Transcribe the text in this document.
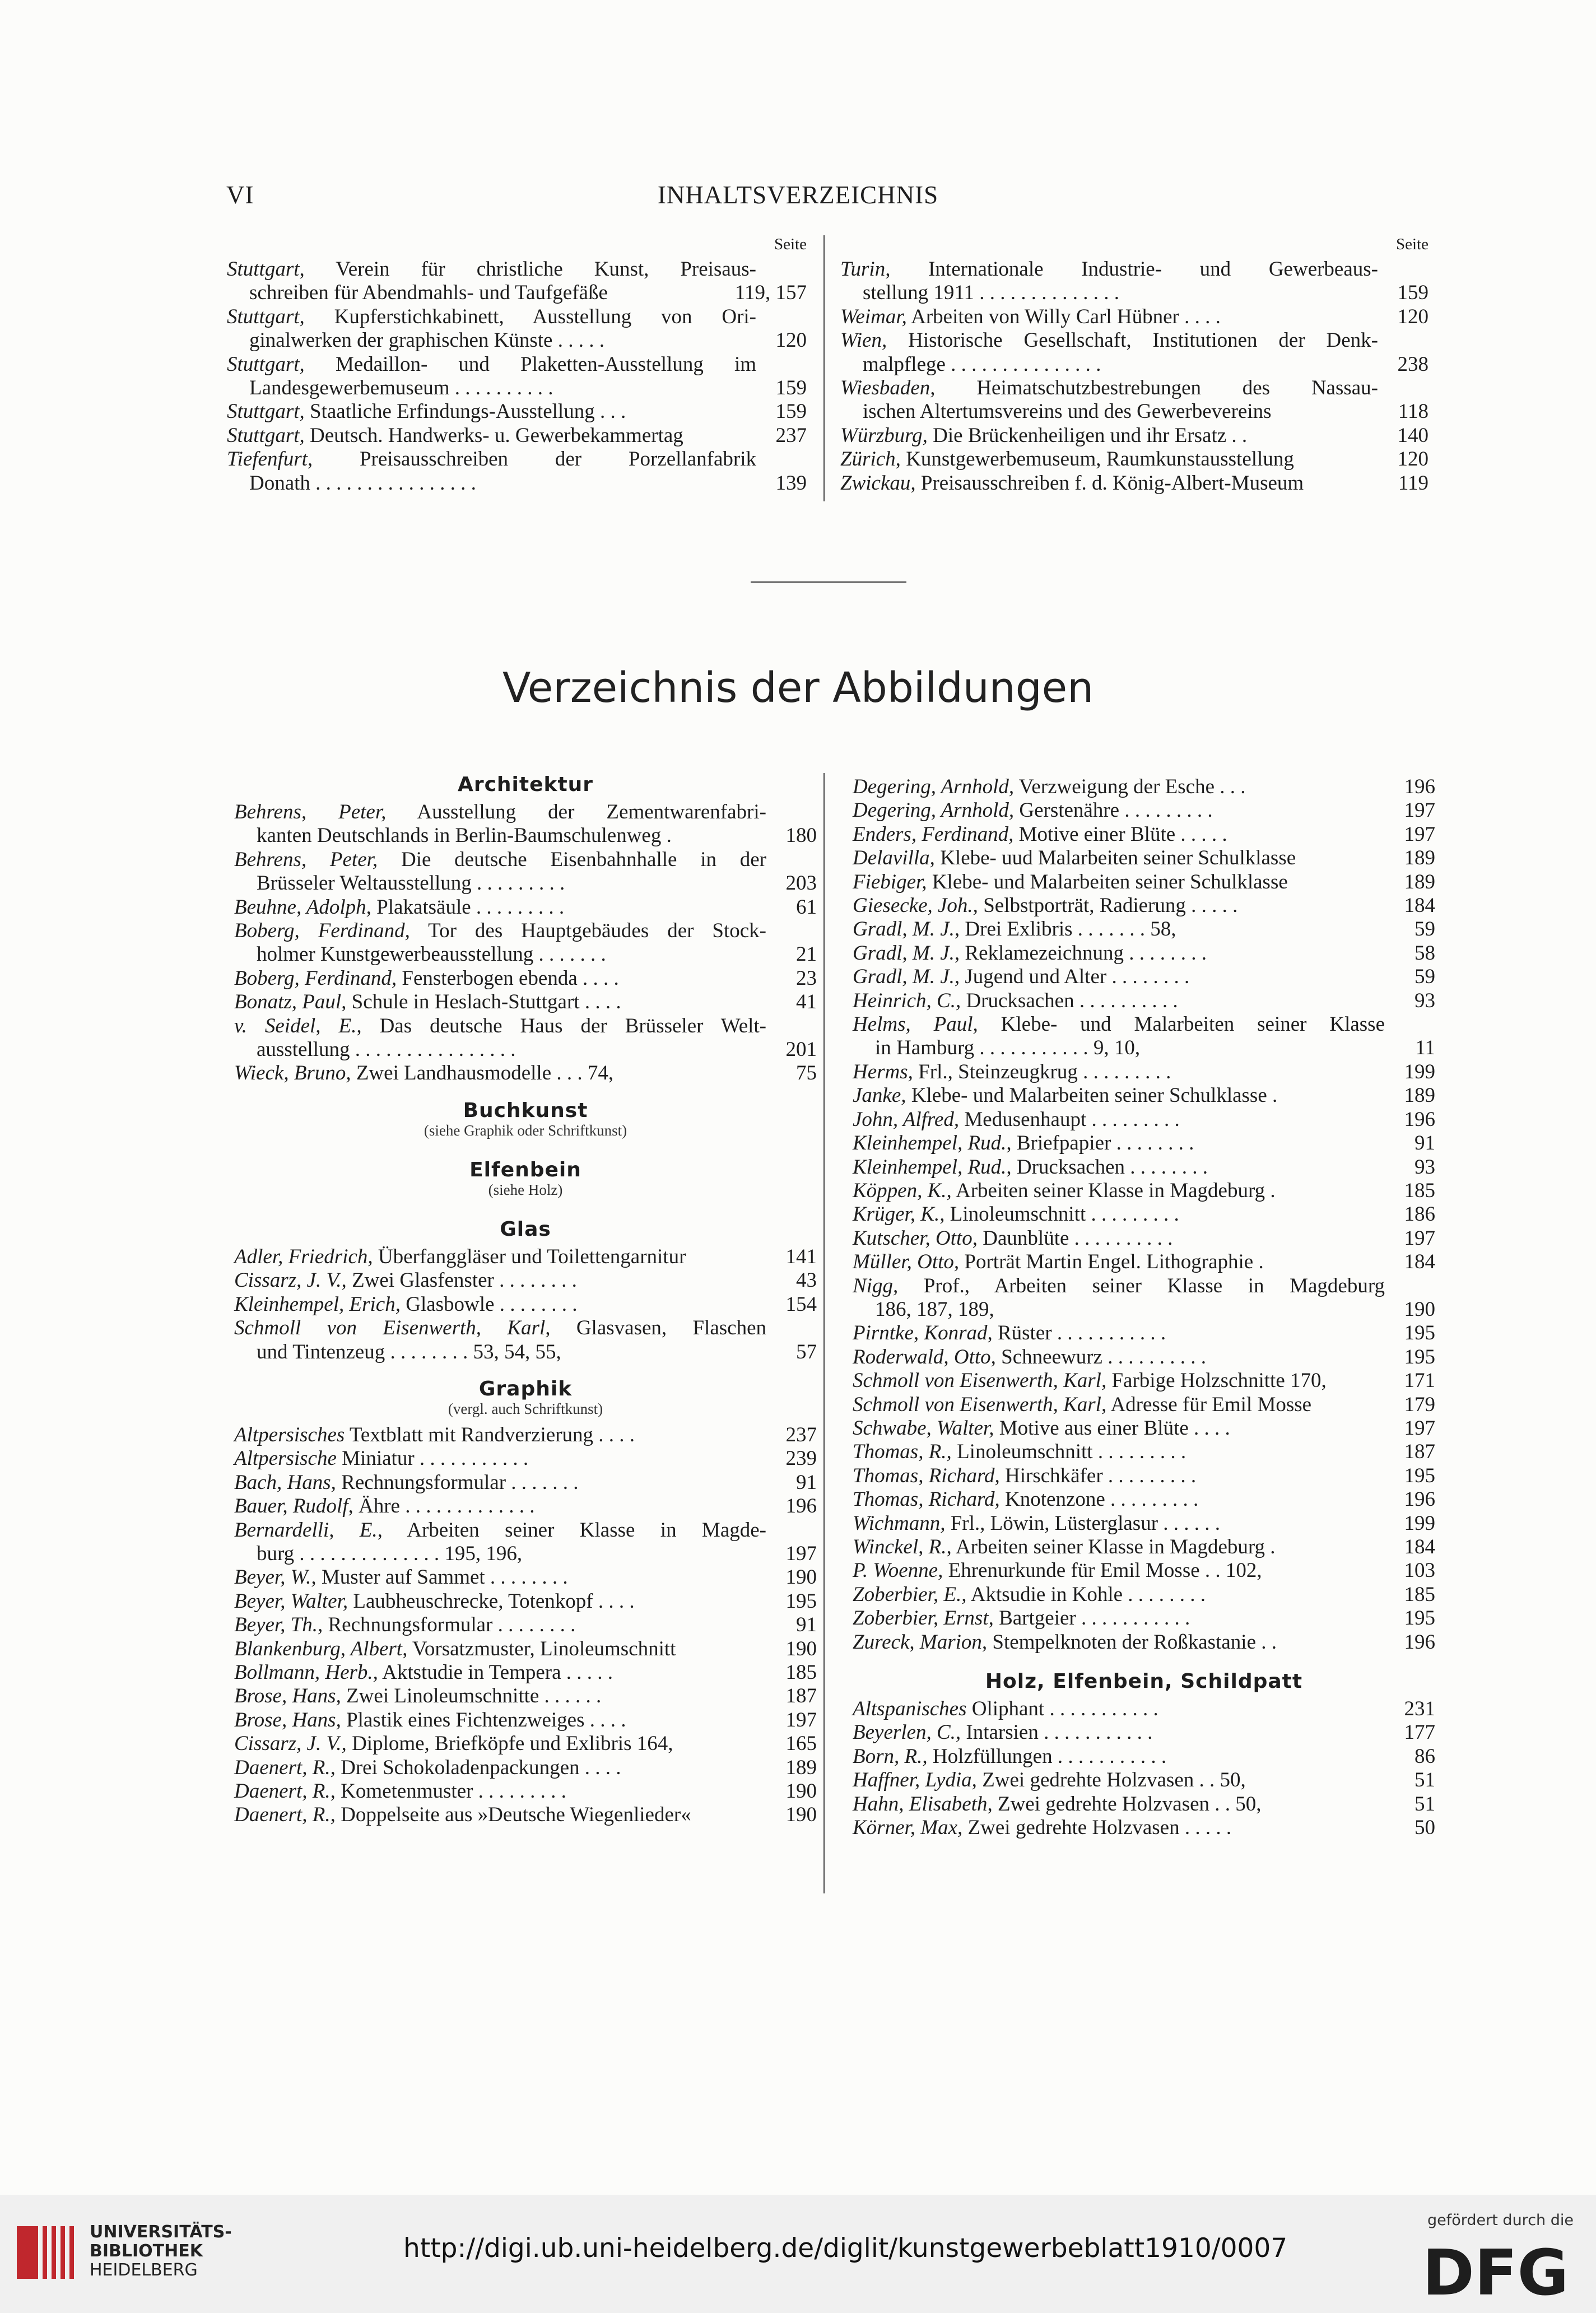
VI	INHALTSVERZEICHNIS
Seite
Stuttgart, Verein für christliche Kunst, Preisaus-
schreiben für Abendmahls- und Taufgefäße	119, 157
Stuttgart, Kupferstichkabinett, Ausstellung von Ori-
ginalwerken der graphischen Künste . . . . .	120
Stuttgart, Medaillon- und Plaketten-Ausstellung im
Landesgewerbemuseum . . . . . . . . . .	159
Stuttgart, Staatliche Erfindungs-Ausstellung . . .	159
Stuttgart, Deutsch. Handwerks- u. Gewerbekammertag	237
Tiefenfurt, Preisausschreiben der Porzellanfabrik
Donath . . . . . . . . . . . . . . . .	139
Seite
Turin, Internationale Industrie- und Gewerbeaus-
stellung 1911 . . . . . . . . . . . . . .	159
Weimar, Arbeiten von Willy Carl Hübner . . . .	120
Wien, Historische Gesellschaft, Institutionen der Denk-
malpflege . . . . . . . . . . . . . . .	238
Wiesbaden, Heimatschutzbestrebungen des Nassau-
ischen Altertumsvereins und des Gewerbevereins	118
Würzburg, Die Brückenheiligen und ihr Ersatz . .	140
Zürich, Kunstgewerbemuseum, Raumkunstausstellung	120
Zwickau, Preisausschreiben f. d. König-Albert-Museum	119
Verzeichnis der Abbildungen
Architektur
Behrens, Peter, Ausstellung der Zementwarenfabri-
kanten Deutschlands in Berlin-Baumschulenweg .	180
Behrens, Peter, Die deutsche Eisenbahnhalle in der
Brüsseler Weltausstellung . . . . . . . . .	203
Beuhne, Adolph, Plakatsäule . . . . . . . . .	61
Boberg, Ferdinand, Tor des Hauptgebäudes der Stock-
holmer Kunstgewerbeausstellung . . . . . . .	21
Boberg, Ferdinand, Fensterbogen ebenda . . . .	23
Bonatz, Paul, Schule in Heslach-Stuttgart . . . .	41
v. Seidel, E., Das deutsche Haus der Brüsseler Welt-
ausstellung . . . . . . . . . . . . . . . .	201
Wieck, Bruno, Zwei Landhausmodelle . . . 74,	75
Buchkunst
(siehe Graphik oder Schriftkunst)
Elfenbein
(siehe Holz)
Glas
Adler, Friedrich, Überfanggläser und Toilettengarnitur	141
Cissarz, J. V., Zwei Glasfenster . . . . . . . .	43
Kleinhempel, Erich, Glasbowle . . . . . . . .	154
Schmoll von Eisenwerth, Karl, Glasvasen, Flaschen
und Tintenzeug . . . . . . . . 53, 54, 55,	57
Graphik
(vergl. auch Schriftkunst)
Altpersisches Textblatt mit Randverzierung . . . .	237
Altpersische Miniatur . . . . . . . . . . .	239
Bach, Hans, Rechnungsformular . . . . . . .	91
Bauer, Rudolf, Ähre . . . . . . . . . . . . .	196
Bernardelli, E., Arbeiten seiner Klasse in Magde-
burg . . . . . . . . . . . . . . 195, 196,	197
Beyer, W., Muster auf Sammet . . . . . . . .	190
Beyer, Walter, Laubheuschrecke, Totenkopf . . . .	195
Beyer, Th., Rechnungsformular . . . . . . . .	91
Blankenburg, Albert, Vorsatzmuster, Linoleumschnitt	190
Bollmann, Herb., Aktstudie in Tempera . . . . .	185
Brose, Hans, Zwei Linoleumschnitte . . . . . .	187
Brose, Hans, Plastik eines Fichtenzweiges . . . .	197
Cissarz, J. V., Diplome, Briefköpfe und Exlibris 164,	165
Daenert, R., Drei Schokoladenpackungen . . . .	189
Daenert, R., Kometenmuster . . . . . . . . .	190
Daenert, R., Doppelseite aus »Deutsche Wiegenlieder«	190
Degering, Arnhold, Verzweigung der Esche . . .	196
Degering, Arnhold, Gerstenähre . . . . . . . . .	197
Enders, Ferdinand, Motive einer Blüte . . . . .	197
Delavilla, Klebe- uud Malarbeiten seiner Schulklasse	189
Fiebiger, Klebe- und Malarbeiten seiner Schulklasse	189
Giesecke, Joh., Selbstporträt, Radierung . . . . .	184
Gradl, M. J., Drei Exlibris . . . . . . . 58,	59
Gradl, M. J., Reklamezeichnung . . . . . . . .	58
Gradl, M. J., Jugend und Alter . . . . . . . .	59
Heinrich, C., Drucksachen . . . . . . . . . .	93
Helms, Paul, Klebe- und Malarbeiten seiner Klasse
in Hamburg . . . . . . . . . . . 9, 10,	11
Herms, Frl., Steinzeugkrug . . . . . . . . .	199
Janke, Klebe- und Malarbeiten seiner Schulklasse .	189
John, Alfred, Medusenhaupt . . . . . . . . .	196
Kleinhempel, Rud., Briefpapier . . . . . . . .	91
Kleinhempel, Rud., Drucksachen . . . . . . . .	93
Köppen, K., Arbeiten seiner Klasse in Magdeburg .	185
Krüger, K., Linoleumschnitt . . . . . . . . .	186
Kutscher, Otto, Daunblüte . . . . . . . . . .	197
Müller, Otto, Porträt Martin Engel. Lithographie .	184
Nigg, Prof., Arbeiten seiner Klasse in Magdeburg
186, 187, 189,	190
Pirntke, Konrad, Rüster . . . . . . . . . . .	195
Roderwald, Otto, Schneewurz . . . . . . . . . .	195
Schmoll von Eisenwerth, Karl, Farbige Holzschnitte 170,	171
Schmoll von Eisenwerth, Karl, Adresse für Emil Mosse	179
Schwabe, Walter, Motive aus einer Blüte . . . .	197
Thomas, R., Linoleumschnitt . . . . . . . . .	187
Thomas, Richard, Hirschkäfer . . . . . . . . .	195
Thomas, Richard, Knotenzone . . . . . . . . .	196
Wichmann, Frl., Löwin, Lüsterglasur . . . . . .	199
Winckel, R., Arbeiten seiner Klasse in Magdeburg .	184
P. Woenne, Ehrenurkunde für Emil Mosse . . 102,	103
Zoberbier, E., Aktsudie in Kohle . . . . . . . .	185
Zoberbier, Ernst, Bartgeier . . . . . . . . . . .	195
Zureck, Marion, Stempelknoten der Roßkastanie . .	196
Holz, Elfenbein, Schildpatt
Altspanisches Oliphant . . . . . . . . . . .	231
Beyerlen, C., Intarsien . . . . . . . . . . .	177
Born, R., Holzfüllungen . . . . . . . . . . .	86
Haffner, Lydia, Zwei gedrehte Holzvasen . . 50,	51
Hahn, Elisabeth, Zwei gedrehte Holzvasen . . 50,	51
Körner, Max, Zwei gedrehte Holzvasen . . . . .	50
UNIVERSITÄTS-
BIBLIOTHEK
HEIDELBERG
http://digi.ub.uni-heidelberg.de/diglit/kunstgewerbeblatt1910/0007
gefördert durch die
DFG
